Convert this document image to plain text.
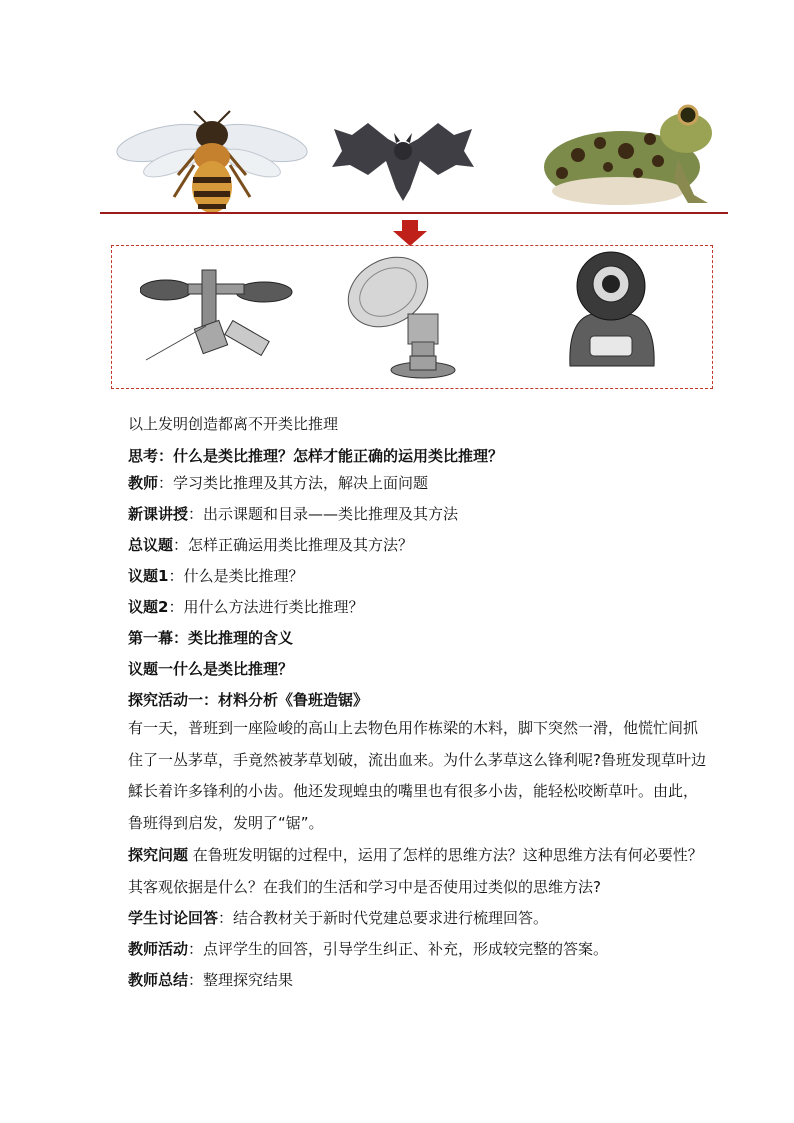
以上发明创造都离不开类比推理
思考：什么是类比推理？怎样才能正确的运用类比推理？
教师：学习类比推理及其方法，解决上面问题
新课讲授：出示课题和目录——类比推理及其方法
总议题：怎样正确运用类比推理及其方法？
议题1：什么是类比推理？
议题2：用什么方法进行类比推理？
第一幕：类比推理的含义
议题一什么是类比推理？
探究活动一：材料分析《鲁班造锯》
有一天，普班到一座险峻的高山上去物色用作栋梁的木料，脚下突然一滑，他慌忙间抓住了一丛茅草，手竟然被茅草划破，流出血来。为什么茅草这么锋利呢?鲁班发现草叶边鰇长着许多锋利的小齿。他还发现蝗虫的嘴里也有很多小齿，能轻松咬断草叶。由此，鲁班得到启发，发明了“锯”。
探究问题 在鲁班发明锯的过程中，运用了怎样的思维方法？这种思维方法有何必要性？其客观依据是什么？在我们的生活和学习中是否使用过类似的思维方法?
学生讨论回答：结合教材关于新时代党建总要求进行梳理回答。
教师活动：点评学生的回答，引导学生纠正、补充，形成较完整的答案。
教师总结：整理探究结果
